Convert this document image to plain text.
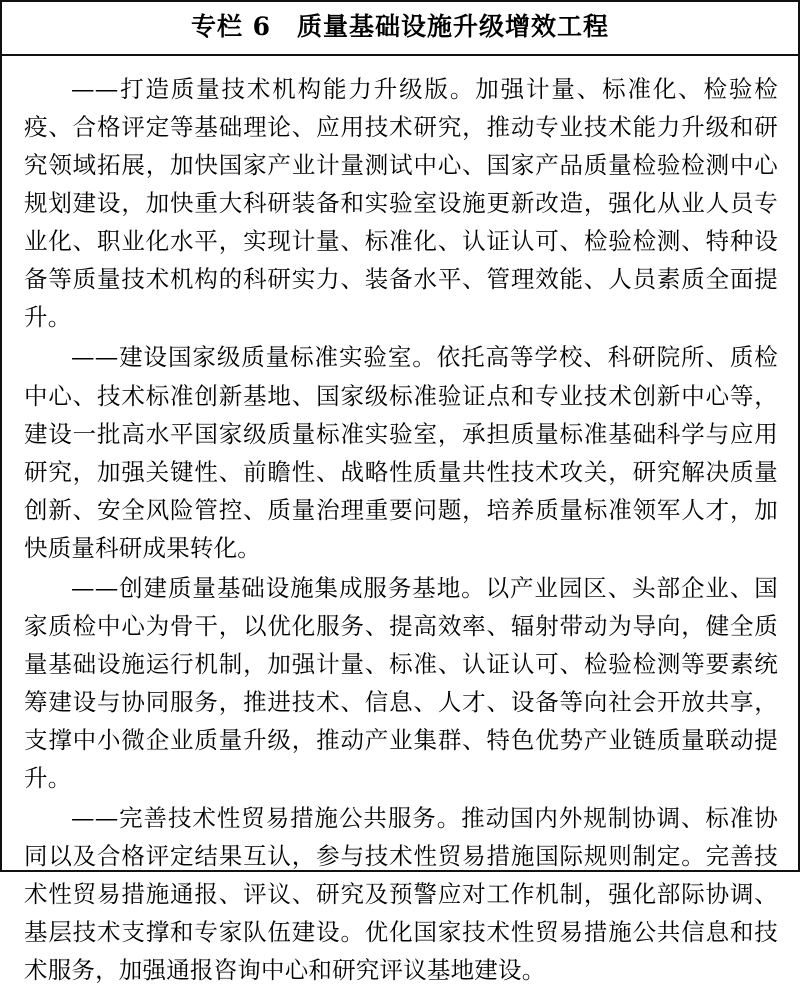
专栏 6　质量基础设施升级增效工程

——打造质量技术机构能力升级版。加强计量、标准化、检验检疫、合格评定等基础理论、应用技术研究，推动专业技术能力升级和研究领域拓展，加快国家产业计量测试中心、国家产品质量检验检测中心规划建设，加快重大科研装备和实验室设施更新改造，强化从业人员专业化、职业化水平，实现计量、标准化、认证认可、检验检测、特种设备等质量技术机构的科研实力、装备水平、管理效能、人员素质全面提升。

——建设国家级质量标准实验室。依托高等学校、科研院所、质检中心、技术标准创新基地、国家级标准验证点和专业技术创新中心等，建设一批高水平国家级质量标准实验室，承担质量标准基础科学与应用研究，加强关键性、前瞻性、战略性质量共性技术攻关，研究解决质量创新、安全风险管控、质量治理重要问题，培养质量标准领军人才，加快质量科研成果转化。

——创建质量基础设施集成服务基地。以产业园区、头部企业、国家质检中心为骨干，以优化服务、提高效率、辐射带动为导向，健全质量基础设施运行机制，加强计量、标准、认证认可、检验检测等要素统筹建设与协同服务，推进技术、信息、人才、设备等向社会开放共享，支撑中小微企业质量升级，推动产业集群、特色优势产业链质量联动提升。

——完善技术性贸易措施公共服务。推动国内外规制协调、标准协同以及合格评定结果互认，参与技术性贸易措施国际规则制定。完善技术性贸易措施通报、评议、研究及预警应对工作机制，强化部际协调、基层技术支撑和专家队伍建设。优化国家技术性贸易措施公共信息和技术服务，加强通报咨询中心和研究评议基地建设。
